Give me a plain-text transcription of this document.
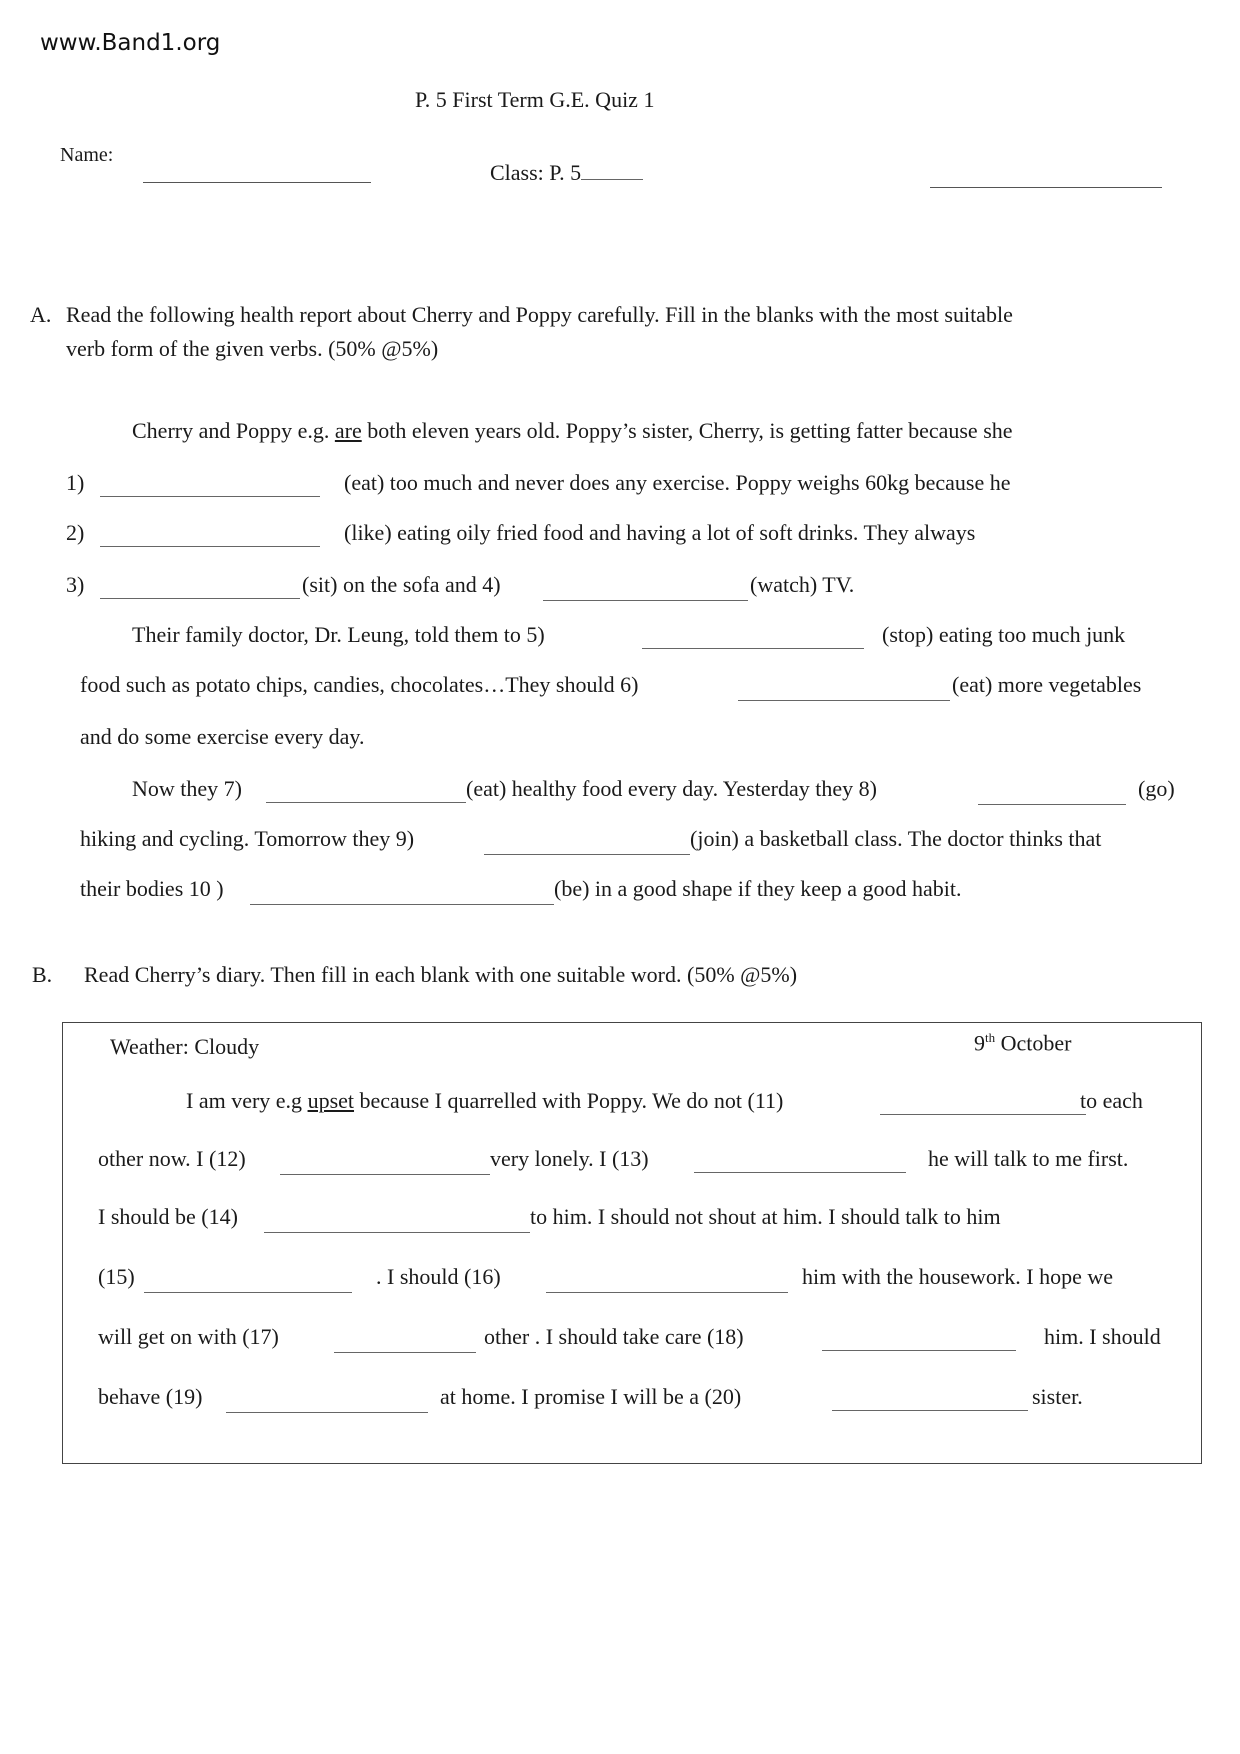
www.Band1.org
P. 5 First Term G.E. Quiz 1
Name:
Class: P. 5
A. Read the following health report about Cherry and Poppy carefully. Fill in the blanks with the most suitable
verb form of the given verbs. (50% @5%)
Cherry and Poppy e.g. are both eleven years old. Poppy’s sister, Cherry, is getting fatter because she
1)	(eat) too much and never does any exercise. Poppy weighs 60kg because he
2)	(like) eating oily fried food and having a lot of soft drinks. They always
3)	(sit) on the sofa and 4)	(watch) TV.
Their family doctor, Dr. Leung, told them to 5)	(stop) eating too much junk
food such as potato chips, candies, chocolates…They should 6)	(eat) more vegetables
and do some exercise every day.
Now they 7)	(eat) healthy food every day. Yesterday they 8)	(go)
hiking and cycling. Tomorrow they 9)	(join) a basketball class. The doctor thinks that
their bodies 10 )	(be) in a good shape if they keep a good habit.
B. Read Cherry’s diary. Then fill in each blank with one suitable word. (50% @5%)
Weather: Cloudy	9th October
I am very e.g upset because I quarrelled with Poppy. We do not (11)	to each
other now. I (12)	very lonely. I (13)	he will talk to me first.
I should be (14)	to him. I should not shout at him. I should talk to him
(15)	. I should (16)	him with the housework. I hope we
will get on with (17)	other . I should take care (18)	him. I should
behave (19)	at home. I promise I will be a (20)	sister.
